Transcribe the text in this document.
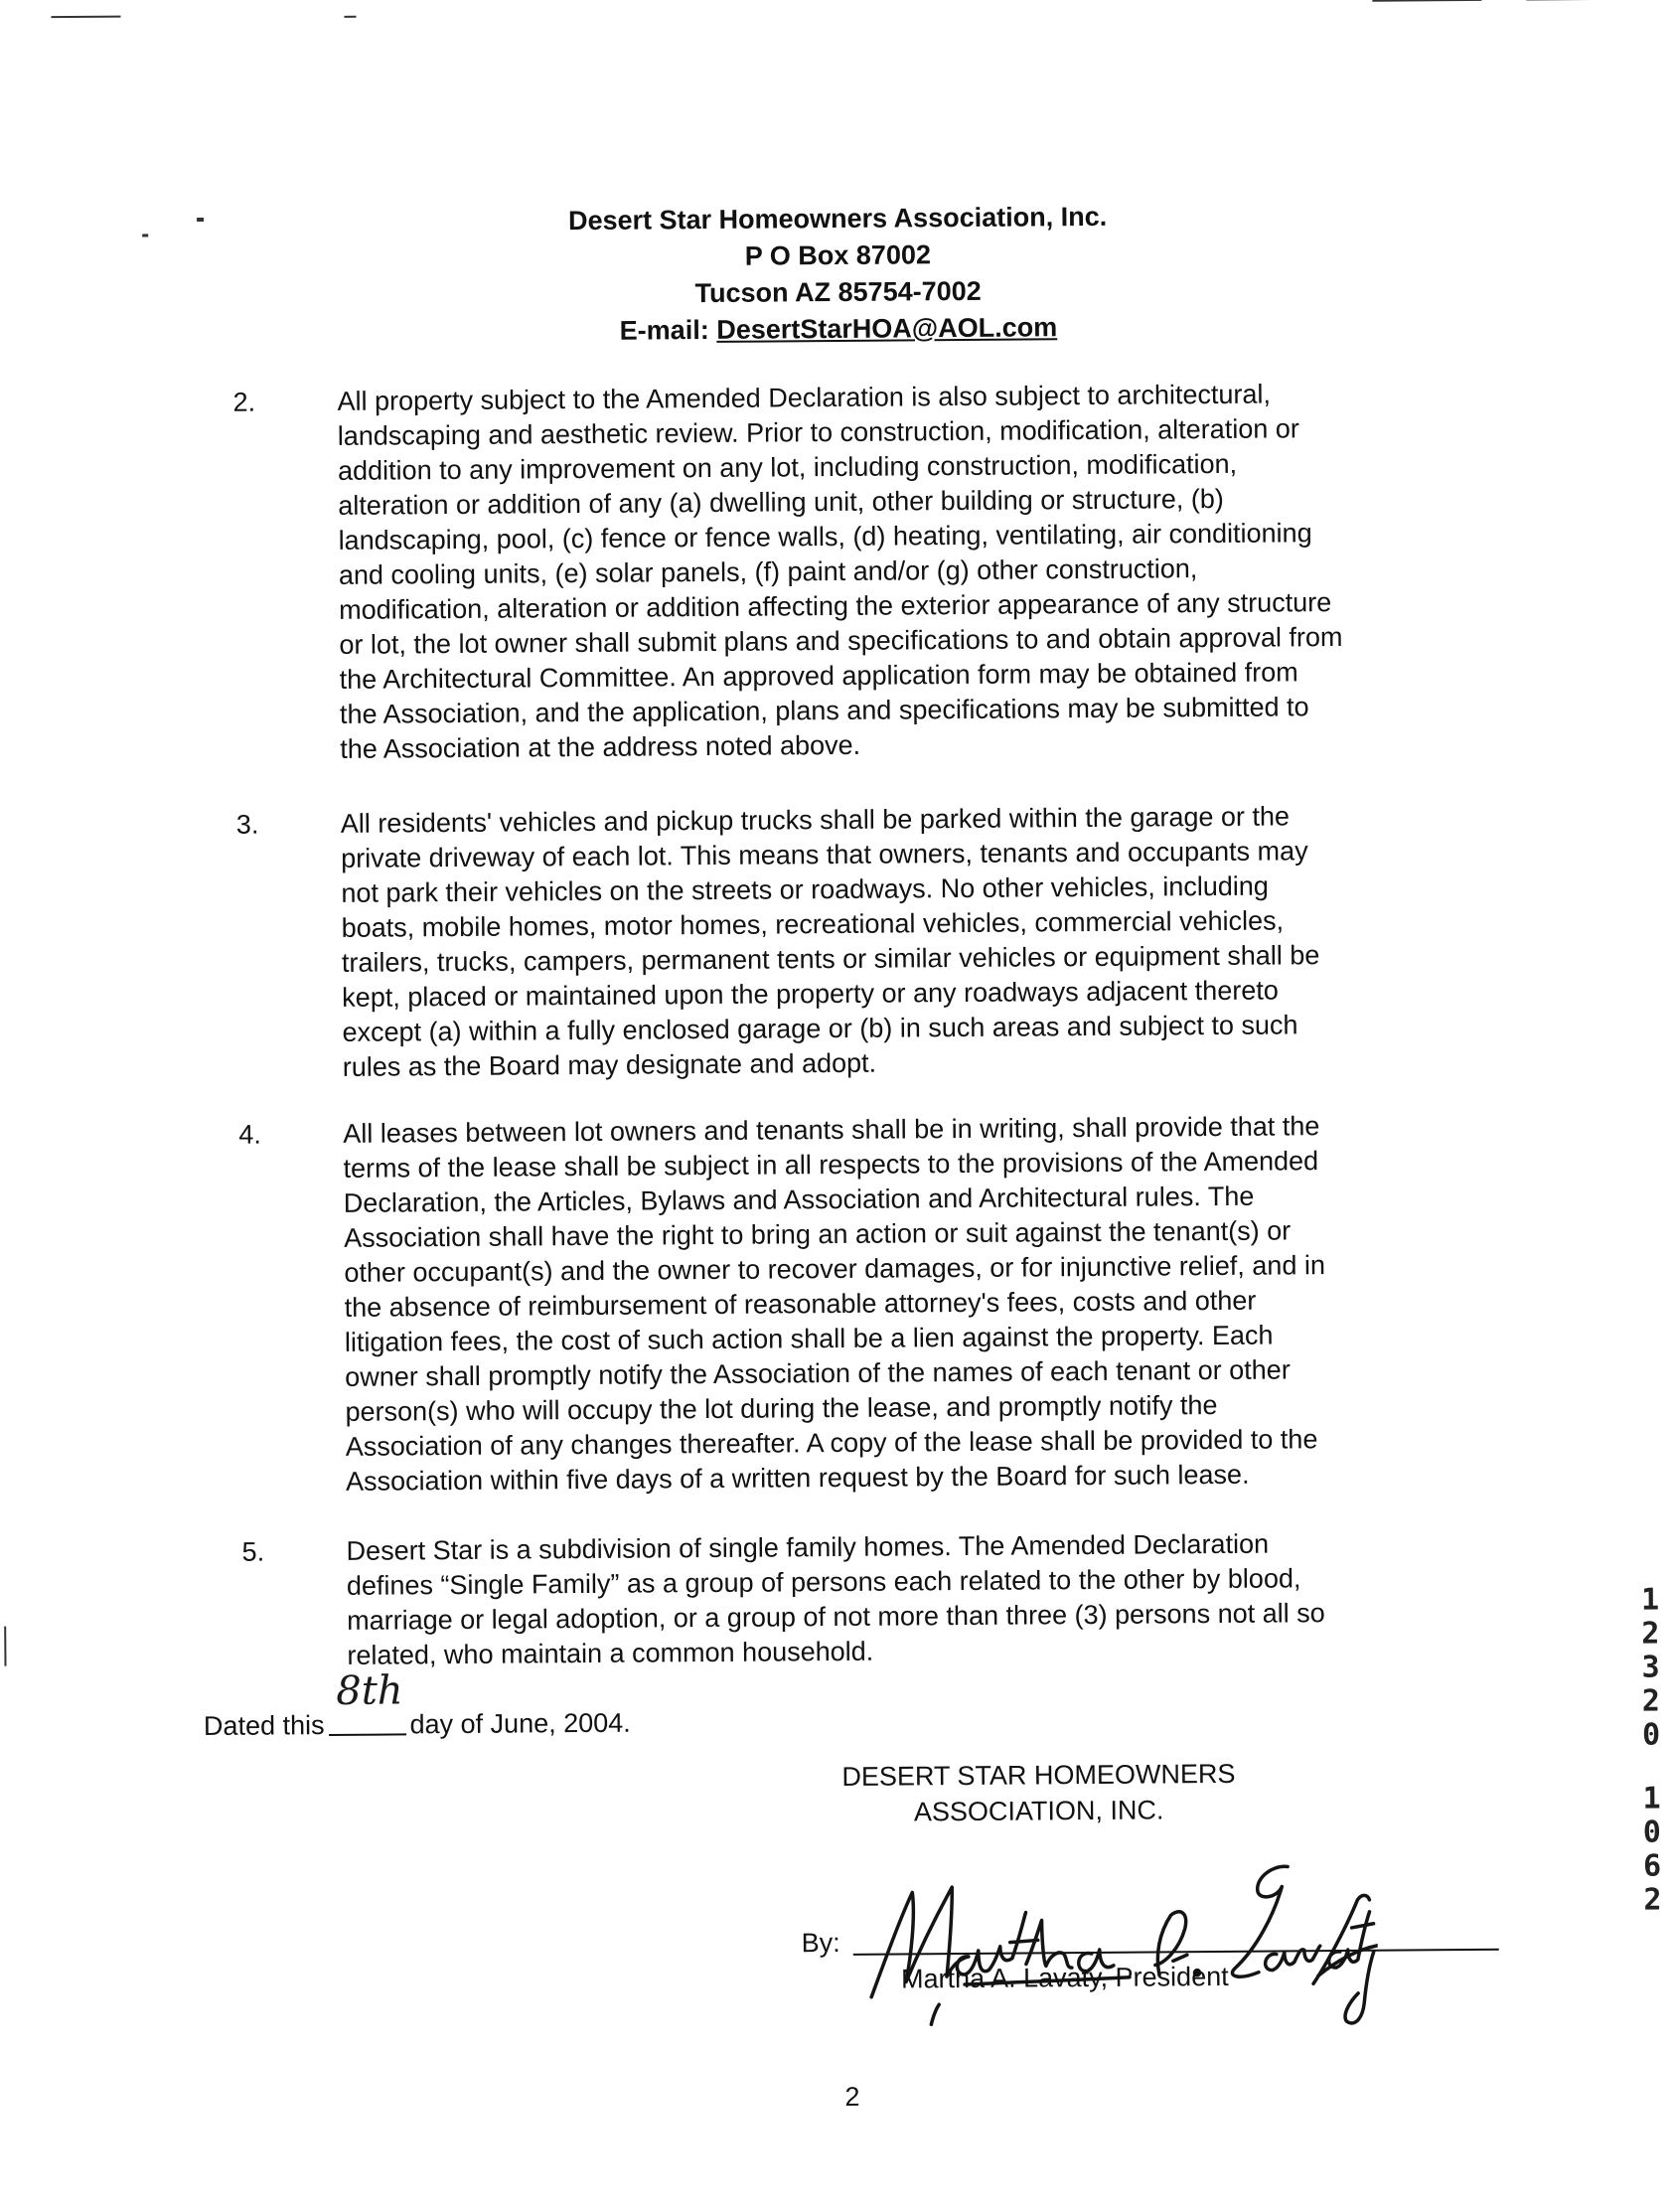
Desert Star Homeowners Association, Inc.
P O Box 87002
Tucson AZ 85754-7002
E-mail: DesertStarHOA@AOL.com
2.	All property subject to the Amended Declaration is also subject to architectural,
landscaping and aesthetic review. Prior to construction, modification, alteration or
addition to any improvement on any lot, including construction, modification,
alteration or addition of any (a) dwelling unit, other building or structure, (b)
landscaping, pool, (c) fence or fence walls, (d) heating, ventilating, air conditioning
and cooling units, (e) solar panels, (f) paint and/or (g) other construction,
modification, alteration or addition affecting the exterior appearance of any structure
or lot, the lot owner shall submit plans and specifications to and obtain approval from
the Architectural Committee. An approved application form may be obtained from
the Association, and the application, plans and specifications may be submitted to
the Association at the address noted above.
3.	All residents' vehicles and pickup trucks shall be parked within the garage or the
private driveway of each lot. This means that owners, tenants and occupants may
not park their vehicles on the streets or roadways. No other vehicles, including
boats, mobile homes, motor homes, recreational vehicles, commercial vehicles,
trailers, trucks, campers, permanent tents or similar vehicles or equipment shall be
kept, placed or maintained upon the property or any roadways adjacent thereto
except (a) within a fully enclosed garage or (b) in such areas and subject to such
rules as the Board may designate and adopt.
4.	All leases between lot owners and tenants shall be in writing, shall provide that the
terms of the lease shall be subject in all respects to the provisions of the Amended
Declaration, the Articles, Bylaws and Association and Architectural rules. The
Association shall have the right to bring an action or suit against the tenant(s) or
other occupant(s) and the owner to recover damages, or for injunctive relief, and in
the absence of reimbursement of reasonable attorney's fees, costs and other
litigation fees, the cost of such action shall be a lien against the property. Each
owner shall promptly notify the Association of the names of each tenant or other
person(s) who will occupy the lot during the lease, and promptly notify the
Association of any changes thereafter. A copy of the lease shall be provided to the
Association within five days of a written request by the Board for such lease.
5.	Desert Star is a subdivision of single family homes. The Amended Declaration
defines “Single Family” as a group of persons each related to the other by blood,
marriage or legal adoption, or a group of not more than three (3) persons not all so
related, who maintain a common household.
Dated this
8th
day of June, 2004.
DESERT STAR HOMEOWNERS
ASSOCIATION, INC.
By:
Martha A. Lavaty, President
2
1
2
3
2
0
1
0
6
2
